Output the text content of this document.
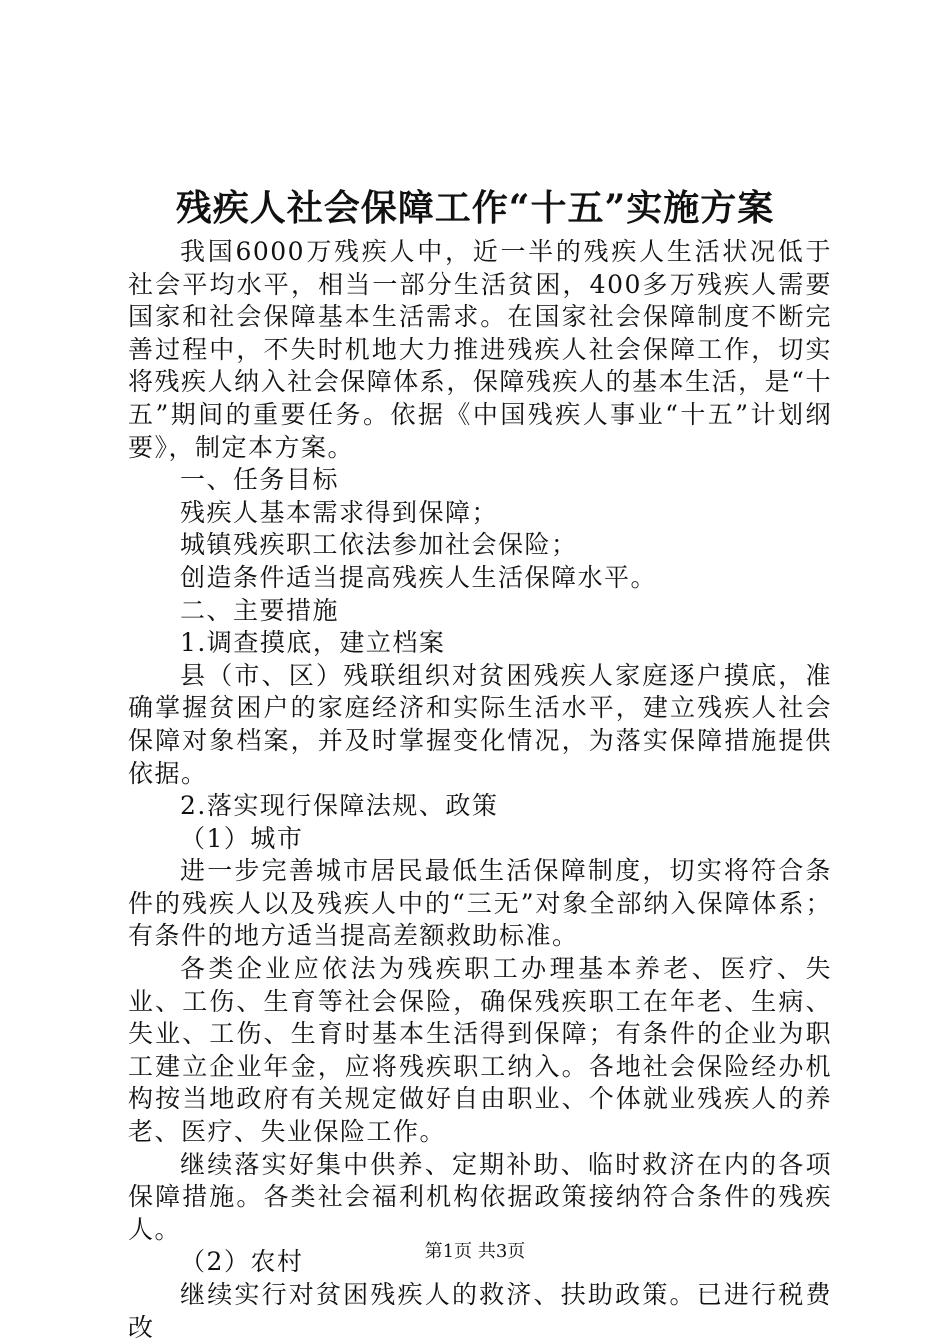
残疾人社会保障工作“十五”实施方案

我国6000万残疾人中，近一半的残疾人生活状况低于社会平均水平，相当一部分生活贫困，400多万残疾人需要国家和社会保障基本生活需求。在国家社会保障制度不断完善过程中，不失时机地大力推进残疾人社会保障工作，切实将残疾人纳入社会保障体系，保障残疾人的基本生活，是“十五”期间的重要任务。依据《中国残疾人事业“十五”计划纲要》，制定本方案。

一、任务目标

残疾人基本需求得到保障；

城镇残疾职工依法参加社会保险；

创造条件适当提高残疾人生活保障水平。

二、主要措施

1.调查摸底，建立档案

县（市、区）残联组织对贫困残疾人家庭逐户摸底，准确掌握贫困户的家庭经济和实际生活水平，建立残疾人社会保障对象档案，并及时掌握变化情况，为落实保障措施提供依据。

2.落实现行保障法规、政策

（1）城市

进一步完善城市居民最低生活保障制度，切实将符合条件的残疾人以及残疾人中的“三无”对象全部纳入保障体系；有条件的地方适当提高差额救助标准。

各类企业应依法为残疾职工办理基本养老、医疗、失业、工伤、生育等社会保险，确保残疾职工在年老、生病、失业、工伤、生育时基本生活得到保障；有条件的企业为职工建立企业年金，应将残疾职工纳入。各地社会保险经办机构按当地政府有关规定做好自由职业、个体就业残疾人的养老、医疗、失业保险工作。

继续落实好集中供养、定期补助、临时救济在内的各项保障措施。各类社会福利机构依据政策接纳符合条件的残疾人。

（2）农村

继续实行对贫困残疾人的救济、扶助政策。已进行税费改

第1页 共3页
